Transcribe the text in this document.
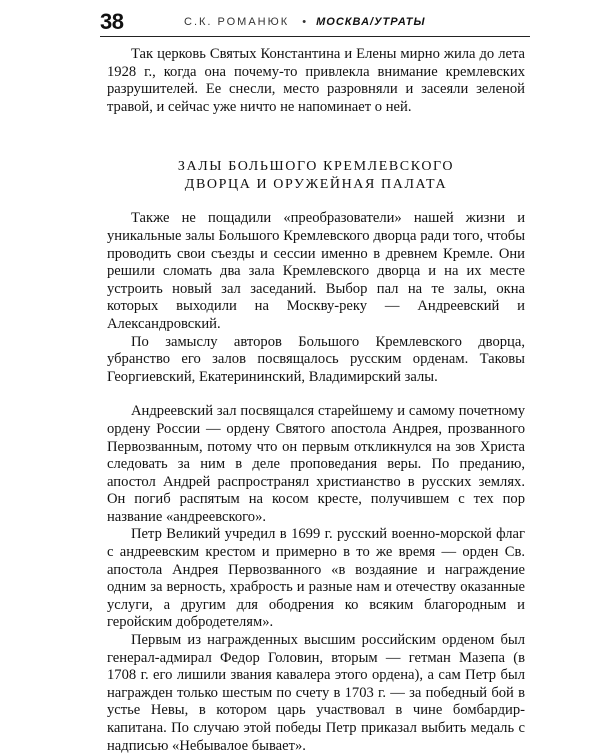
38	С.К. РОМАНЮК • МОСКВА/УТРАТЫ

Так церковь Святых Константина и Елены мирно жила до лета 1928 г., когда она почему-то привлекла внимание кремлевских разрушителей. Ее снесли, место разровняли и засеяли зеленой травой, и сейчас уже ничто не напоминает о ней.

ЗАЛЫ БОЛЬШОГО КРЕМЛЕВСКОГО
ДВОРЦА И ОРУЖЕЙНАЯ ПАЛАТА

Также не пощадили «преобразователи» нашей жизни и уникальные залы Большого Кремлевского дворца ради того, чтобы проводить свои съезды и сессии именно в древнем Кремле. Они решили сломать два зала Кремлевского дворца и на их месте устроить новый зал заседаний. Выбор пал на те залы, окна которых выходили на Москву-реку — Андреевский и Александровский.

По замыслу авторов Большого Кремлевского дворца, убранство его залов посвящалось русским орденам. Таковы Георгиевский, Екатерининский, Владимирский залы.

Андреевский зал посвящался старейшему и самому почетному ордену России — ордену Святого апостола Андрея, прозванного Первозванным, потому что он первым откликнулся на зов Христа следовать за ним в деле проповедания веры. По преданию, апостол Андрей распространял христианство в русских землях. Он погиб распятым на косом кресте, получившем с тех пор название «андреевского».

Петр Великий учредил в 1699 г. русский военно-морской флаг с андреевским крестом и примерно в то же время — орден Св. апостола Андрея Первозванного «в воздаяние и награждение одним за верность, храбрость и разные нам и отечеству оказанные услуги, а другим для ободрения ко всяким благородным и геройским добродетелям».

Первым из награжденных высшим российским орденом был генерал-адмирал Федор Головин, вторым — гетман Мазепа (в 1708 г. его лишили звания кавалера этого ордена), а сам Петр был награжден только шестым по счету в 1703 г. — за победный бой в устье Невы, в котором царь участвовал в чине бомбардир-капитана. По случаю этой победы Петр приказал выбить медаль с надписью «Небывалое бывает».
